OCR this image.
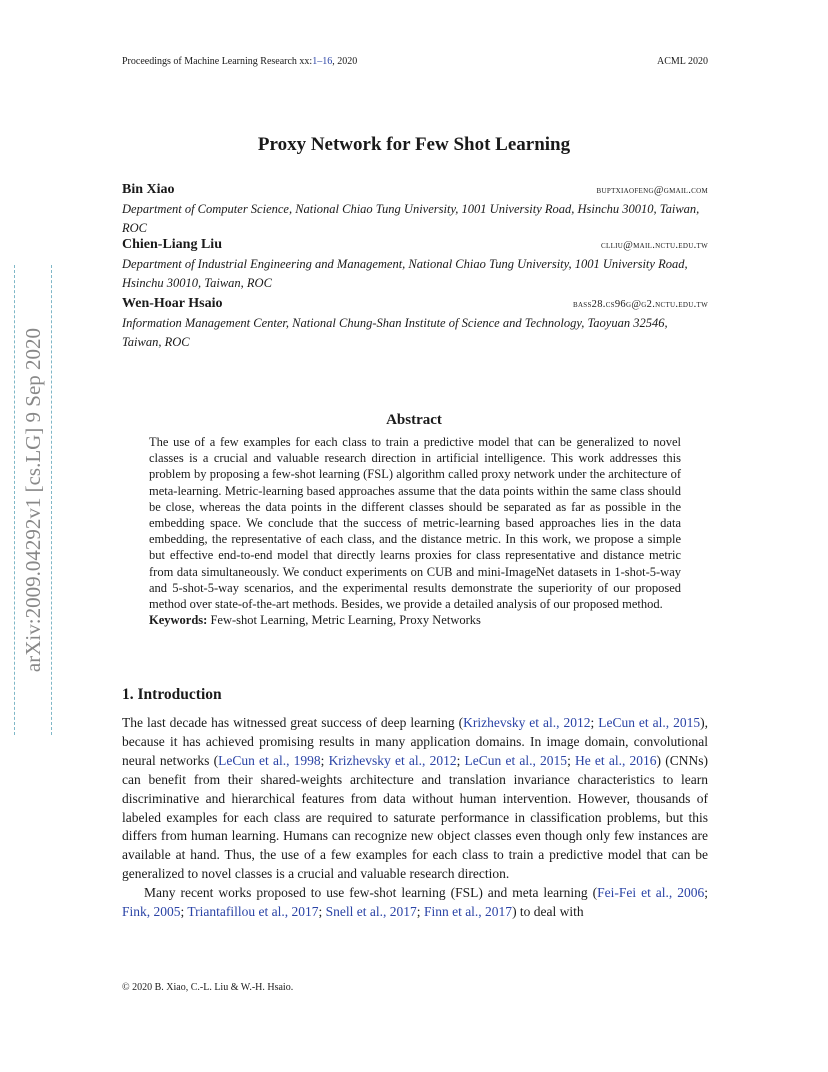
Proceedings of Machine Learning Research xx:1–16, 2020	ACML 2020
Proxy Network for Few Shot Learning
Bin Xiao	buptxiaofeng@gmail.com
Department of Computer Science, National Chiao Tung University, 1001 University Road, Hsinchu 30010, Taiwan, ROC
Chien-Liang Liu	clliu@mail.nctu.edu.tw
Department of Industrial Engineering and Management, National Chiao Tung University, 1001 University Road, Hsinchu 30010, Taiwan, ROC
Wen-Hoar Hsaio	bass28.cs96g@g2.nctu.edu.tw
Information Management Center, National Chung-Shan Institute of Science and Technology, Taoyuan 32546, Taiwan, ROC
arXiv:2009.04292v1 [cs.LG] 9 Sep 2020	Abstract
The use of a few examples for each class to train a predictive model that can be generalized to novel classes is a crucial and valuable research direction in artificial intelligence. This work addresses this problem by proposing a few-shot learning (FSL) algorithm called proxy network under the architecture of meta-learning. Metric-learning based approaches assume that the data points within the same class should be close, whereas the data points in the different classes should be separated as far as possible in the embedding space. We conclude that the success of metric-learning based approaches lies in the data embedding, the representative of each class, and the distance metric. In this work, we propose a simple but effective end-to-end model that directly learns proxies for class representative and distance metric from data simultaneously. We conduct experiments on CUB and mini-ImageNet datasets in 1-shot-5-way and 5-shot-5-way scenarios, and the experimental results demonstrate the superiority of our proposed method over state-of-the-art methods. Besides, we provide a detailed analysis of our proposed method.
Keywords: Few-shot Learning, Metric Learning, Proxy Networks
1. Introduction

The last decade has witnessed great success of deep learning (Krizhevsky et al., 2012; LeCun et al., 2015), because it has achieved promising results in many application domains. In image domain, convolutional neural networks (LeCun et al., 1998; Krizhevsky et al., 2012; LeCun et al., 2015; He et al., 2016) (CNNs) can benefit from their shared-weights architecture and translation invariance characteristics to learn discriminative and hierarchical features from data without human intervention. However, thousands of labeled examples for each class are required to saturate performance in classification problems, but this differs from human learning. Humans can recognize new object classes even though only few instances are available at hand. Thus, the use of a few examples for each class to train a predictive model that can be generalized to novel classes is a crucial and valuable research direction.

Many recent works proposed to use few-shot learning (FSL) and meta learning (Fei-Fei et al., 2006; Fink, 2005; Triantafillou et al., 2017; Snell et al., 2017; Finn et al., 2017) to deal with

© 2020 B. Xiao, C.-L. Liu & W.-H. Hsaio.
